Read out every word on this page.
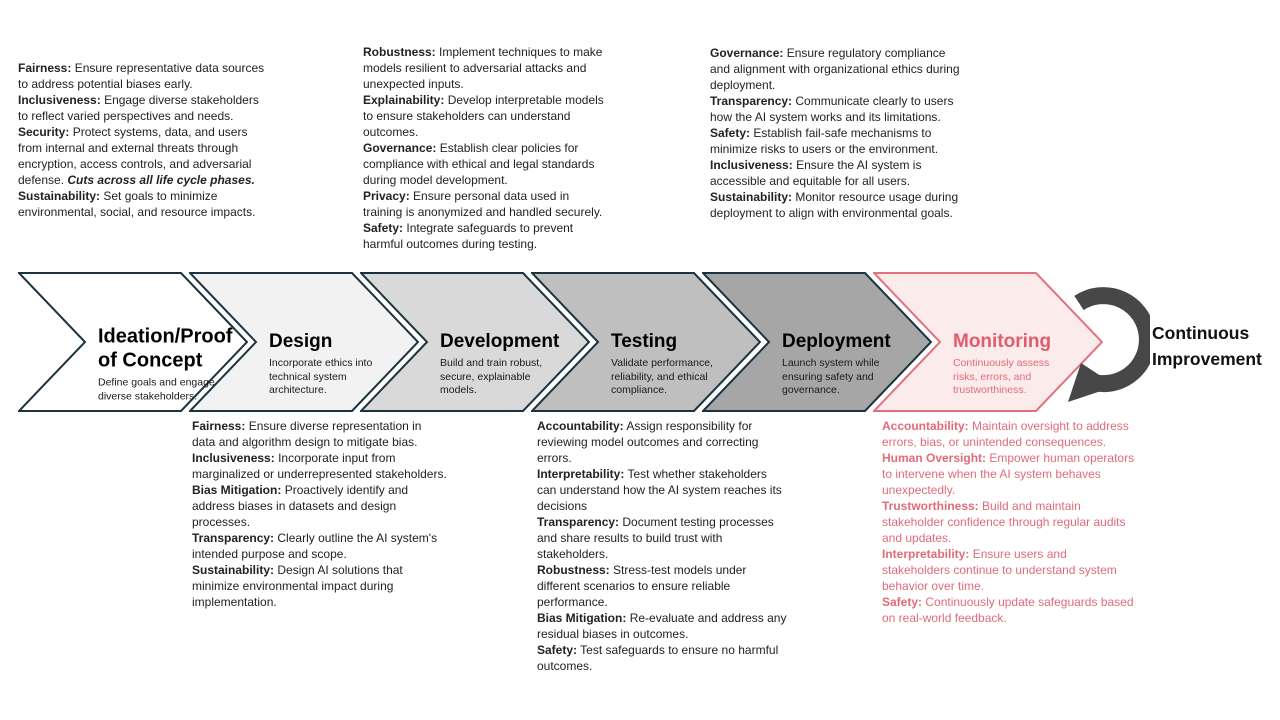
Fairness: Ensure representative data sources to address potential biases early.

Inclusiveness: Engage diverse stakeholders to reflect varied perspectives and needs.

Security: Protect systems, data, and users from internal and external threats through encryption, access controls, and adversarial defense. Cuts across all life cycle phases.

Sustainability: Set goals to minimize environmental, social, and resource impacts.

Robustness: Implement techniques to make models resilient to adversarial attacks and unexpected inputs.

Explainability: Develop interpretable models to ensure stakeholders can understand outcomes.

Governance: Establish clear policies for compliance with ethical and legal standards during model development.

Privacy: Ensure personal data used in training is anonymized and handled securely.

Safety: Integrate safeguards to prevent harmful outcomes during testing.

Governance: Ensure regulatory compliance and alignment with organizational ethics during deployment.

Transparency: Communicate clearly to users how the AI system works and its limitations.

Safety: Establish fail-safe mechanisms to minimize risks to users or the environment.

Inclusiveness: Ensure the AI system is accessible and equitable for all users.

Sustainability: Monitor resource usage during deployment to align with environmental goals.

Fairness: Ensure diverse representation in data and algorithm design to mitigate bias.

Inclusiveness: Incorporate input from marginalized or underrepresented stakeholders.

Bias Mitigation: Proactively identify and address biases in datasets and design processes.

Transparency: Clearly outline the AI system's intended purpose and scope.

Sustainability: Design AI solutions that minimize environmental impact during implementation.

Accountability: Assign responsibility for reviewing model outcomes and correcting errors.

Interpretability: Test whether stakeholders can understand how the AI system reaches its decisions

Transparency: Document testing processes and share results to build trust with stakeholders.

Robustness: Stress-test models under different scenarios to ensure reliable performance.

Bias Mitigation: Re-evaluate and address any residual biases in outcomes.

Safety: Test safeguards to ensure no harmful outcomes.

Accountability: Maintain oversight to address errors, bias, or unintended consequences.

Human Oversight: Empower human operators to intervene when the AI system behaves unexpectedly.

Trustworthiness: Build and maintain stakeholder confidence through regular audits and updates.

Interpretability: Ensure users and stakeholders continue to understand system behavior over time.

Safety: Continuously update safeguards based on real-world feedback.

Ideation/Proof of Concept
Define goals and engage diverse stakeholders.
Design
Incorporate ethics into technical system architecture.
Development
Build and train robust, secure, explainable models.
Testing
Validate performance, reliability, and ethical compliance.
Deployment
Launch system while ensuring safety and governance.
Monitoring
Continuously assess risks, errors, and trustworthiness.
Continuous Improvement
